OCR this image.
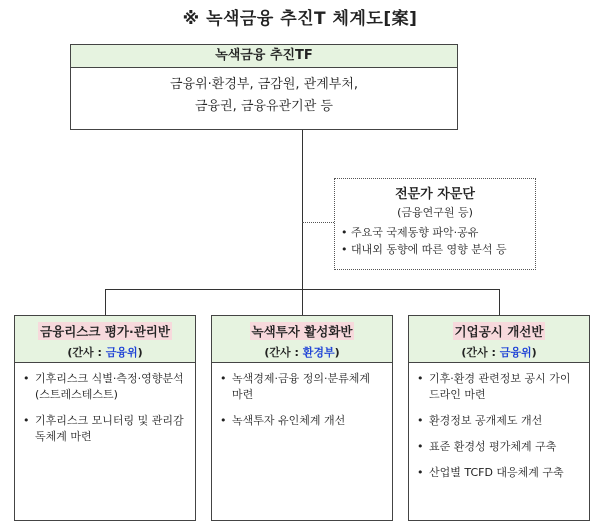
※ 녹색금융 추진T 체계도[案]
녹색금융 추진TF
금융위·환경부, 금감원, 관계부처,
금융권, 금융유관기관 등
전문가 자문단
(금융연구원 등)
• 주요국 국제동향 파악·공유
• 대내외 동향에 따른 영향 분석 등
금융리스크 평가·관리반
(간사 : 금융위)
• 기후리스크 식별·측정·영향분석(스트레스테스트)
• 기후리스크 모니터링 및 관리감독체계 마련
녹색투자 활성화반
(간사 : 환경부)
• 녹색경제·금융 정의·분류체계 마련
• 녹색투자 유인체계 개선
기업공시 개선반
(간사 : 금융위)
• 기후·환경 관련정보 공시 가이드라인 마련
• 환경정보 공개제도 개선
• 표준 환경성 평가체계 구축
• 산업별 TCFD 대응체계 구축
